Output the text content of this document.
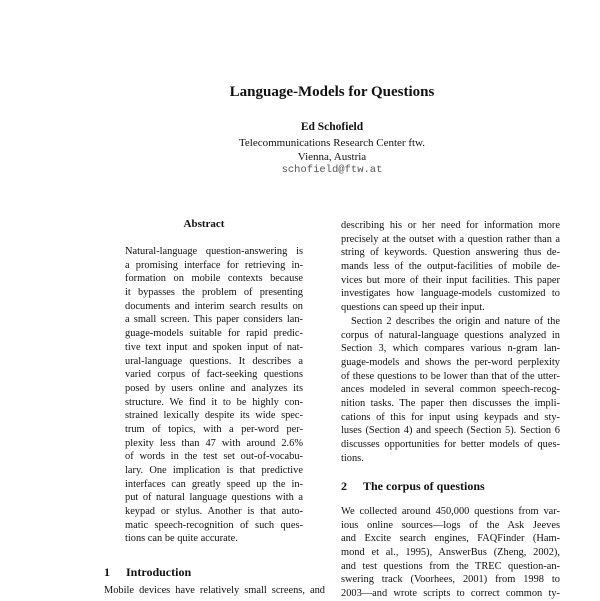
Language-Models for Questions
Ed Schofield
Telecommunications Research Center ftw.
Vienna, Austria
schofield@ftw.at
Abstract
Natural-language question-answering is
a promising interface for retrieving in-
formation on mobile contexts because
it bypasses the problem of presenting
documents and interim search results on
a small screen. This paper considers lan-
guage-models suitable for rapid predic-
tive text input and spoken input of nat-
ural-language questions. It describes a
varied corpus of fact-seeking questions
posed by users online and analyzes its
structure. We find it to be highly con-
strained lexically despite its wide spec-
trum of topics, with a per-word per-
plexity less than 47 with around 2.6%
of words in the test set out-of-vocabu-
lary. One implication is that predictive
interfaces can greatly speed up the in-
put of natural language questions with a
keypad or stylus. Another is that auto-
matic speech-recognition of such ques-
tions can be quite accurate.
1 Introduction
Mobile devices have relatively small screens, and
describing his or her need for information more
precisely at the outset with a question rather than a
string of keywords. Question answering thus de-
mands less of the output-facilities of mobile de-
vices but more of their input facilities. This paper
investigates how language-models customized to
questions can speed up their input.
Section 2 describes the origin and nature of the
corpus of natural-language questions analyzed in
Section 3, which compares various n-gram lan-
guage-models and shows the per-word perplexity
of these questions to be lower than that of the utter-
ances modeled in several common speech-recog-
nition tasks. The paper then discusses the impli-
cations of this for input using keypads and sty-
luses (Section 4) and speech (Section 5). Section 6
discusses opportunities for better models of ques-
tions.
2 The corpus of questions
We collected around 450,000 questions from var-
ious online sources—logs of the Ask Jeeves
and Excite search engines, FAQFinder (Ham-
mond et al., 1995), AnswerBus (Zheng, 2002),
and test questions from the TREC question-an-
swering track (Voorhees, 2001) from 1998 to
2003—and wrote scripts to correct common ty-
